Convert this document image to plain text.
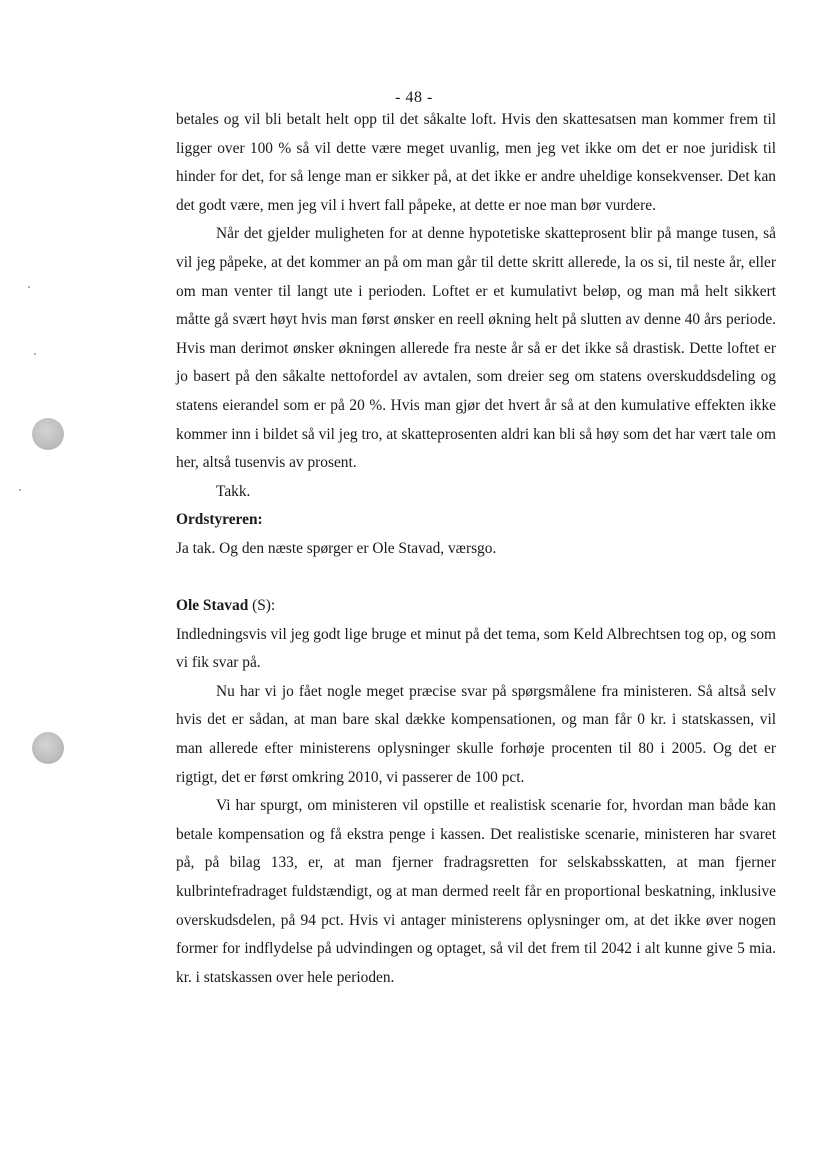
- 48 -

betales og vil bli betalt helt opp til det såkalte loft. Hvis den skattesatsen man kommer frem til ligger over 100 % så vil dette være meget uvanlig, men jeg vet ikke om det er noe juridisk til hinder for det, for så lenge man er sikker på, at det ikke er andre uheldige konsekvenser. Det kan det godt være, men jeg vil i hvert fall påpeke, at dette er noe man bør vurdere.

Når det gjelder muligheten for at denne hypotetiske skatteprosent blir på mange tusen, så vil jeg påpeke, at det kommer an på om man går til dette skritt allerede, la os si, til neste år, eller om man venter til langt ute i perioden. Loftet er et kumulativt beløp, og man må helt sikkert måtte gå svært høyt hvis man først ønsker en reell økning helt på slutten av denne 40 års periode. Hvis man derimot ønsker økningen allerede fra neste år så er det ikke så drastisk. Dette loftet er jo basert på den såkalte nettofordel av avtalen, som dreier seg om statens overskuddsdeling og statens eierandel som er på 20 %. Hvis man gjør det hvert år så at den kumulative effekten ikke kommer inn i bildet så vil jeg tro, at skatteprosenten aldri kan bli så høy som det har vært tale om her, altså tusenvis av prosent.

Takk.

Ordstyreren:

Ja tak. Og den næste spørger er Ole Stavad, værsgo.

Ole Stavad (S):

Indledningsvis vil jeg godt lige bruge et minut på det tema, som Keld Albrechtsen tog op, og som vi fik svar på.

Nu har vi jo fået nogle meget præcise svar på spørgsmålene fra ministeren. Så altså selv hvis det er sådan, at man bare skal dække kompensationen, og man får 0 kr. i statskassen, vil man allerede efter ministerens oplysninger skulle forhøje procenten til 80 i 2005. Og det er rigtigt, det er først omkring 2010, vi passerer de 100 pct.

Vi har spurgt, om ministeren vil opstille et realistisk scenarie for, hvordan man både kan betale kompensation og få ekstra penge i kassen. Det realistiske scenarie, ministeren har svaret på, på bilag 133, er, at man fjerner fradragsretten for selskabsskatten, at man fjerner kulbrintefradraget fuldstændigt, og at man dermed reelt får en proportional beskatning, inklusive overskudsdelen, på 94 pct. Hvis vi antager ministerens oplysninger om, at det ikke øver nogen former for indflydelse på udvindingen og optaget, så vil det frem til 2042 i alt kunne give 5 mia. kr. i statskassen over hele perioden.
